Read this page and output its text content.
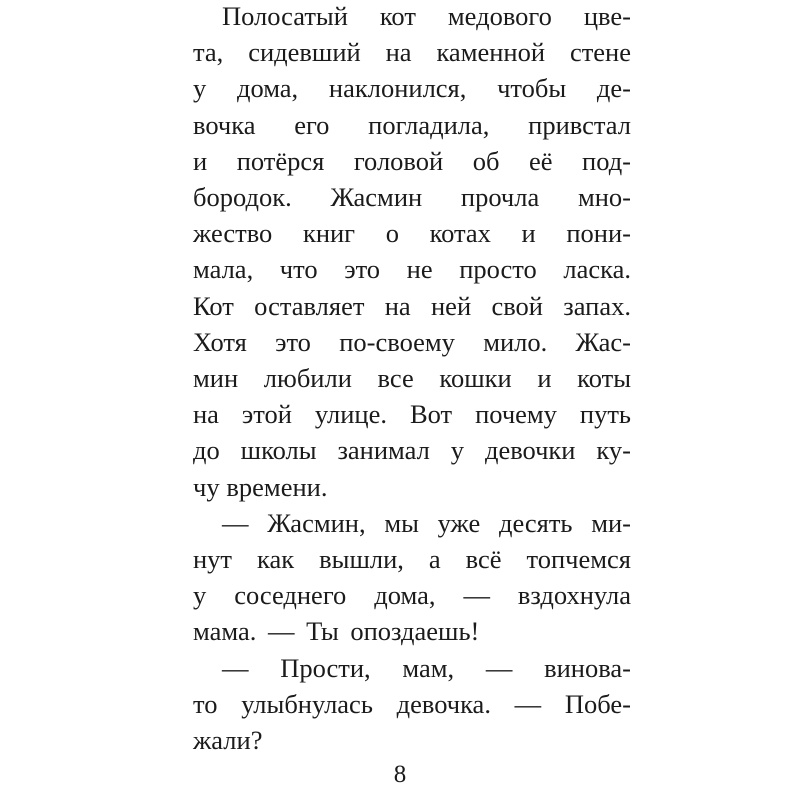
Полосатый кот медового цве-
та, сидевший на каменной стене
у дома, наклонился, чтобы де-
вочка его погладила, привстал
и потёрся головой об её под-
бородок. Жасмин прочла мно-
жество книг о котах и пони-
мала, что это не просто ласка.
Кот оставляет на ней свой запах.
Хотя это по-своему мило. Жас-
мин любили все кошки и коты
на этой улице. Вот почему путь
до школы занимал у девочки ку-
чу времени.

— Жасмин, мы уже десять ми-
нут как вышли, а всё топчемся
у соседнего дома, — вздохнула
мама. — Ты опоздаешь!

— Прости, мам, — винова-
то улыбнулась девочка. — Побе-
жали?

8
